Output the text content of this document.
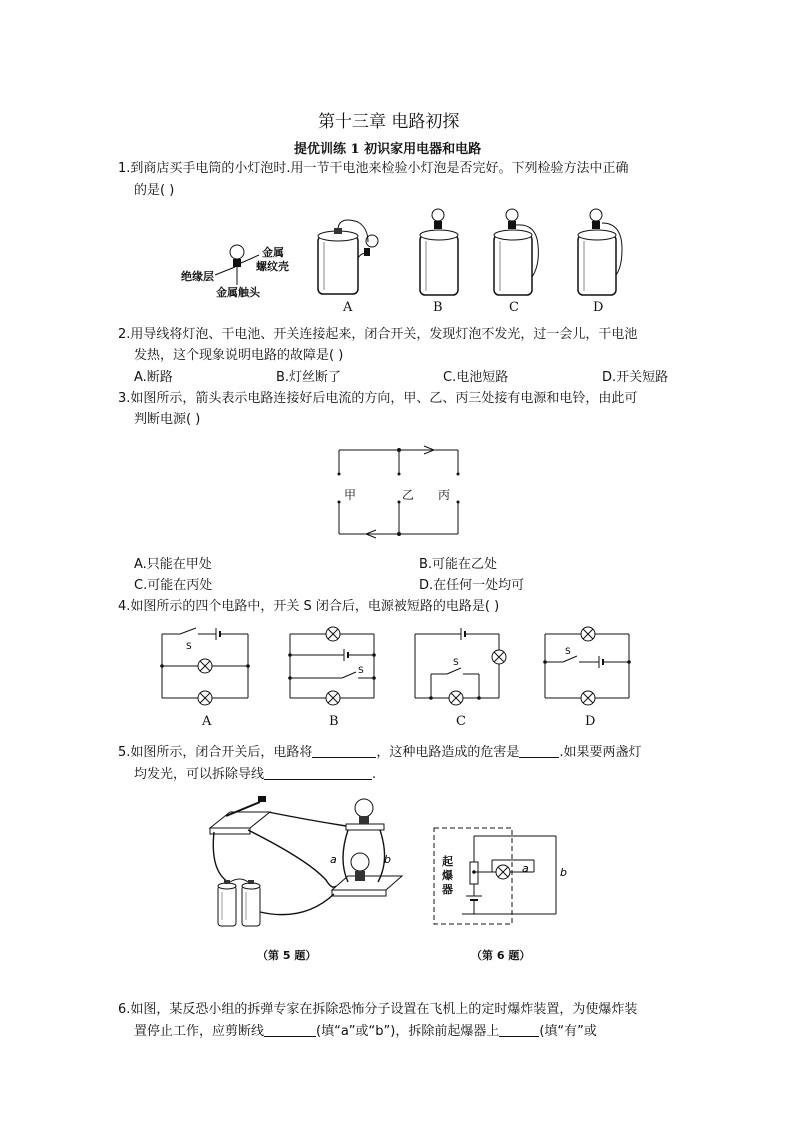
第十三章 电路初探
提优训练 1 初识家用电器和电路
1.到商店买手电筒的小灯泡时.用一节干电池来检验小灯泡是否完好。下列检验方法中正确
的是( )
金属
螺纹壳
绝缘层
金属触头
A	B	C	D
2.用导线将灯泡、干电池、开关连接起来，闭合开关，发现灯泡不发光，过一会儿，干电池
发热，这个现象说明电路的故障是( )
A.断路	B.灯丝断了	C.电池短路	D.开关短路
3.如图所示，箭头表示电路连接好后电流的方向，甲、乙、丙三处接有电源和电铃，由此可
判断电源( )
甲	乙 丙
A.只能在甲处	B.可能在乙处
C.可能在丙处	D.在任何一处均可
4.如图所示的四个电路中，开关 S 闭合后，电源被短路的电路是( )
S
S
S
S
A	B	C	D
5.如图所示，闭合开关后，电路将	，这种电路造成的危害是	.如果要两盏灯
均发光，可以拆除导线	.
a	b
（第 5 题）
a	b
起爆器
（第 6 题）
6.如图，某反恐小组的拆弹专家在拆除恐怖分子设置在飞机上的定时爆炸装置，为使爆炸装
置停止工作，应剪断线	(填“a”或“b”)，拆除前起爆器上	(填“有”或
